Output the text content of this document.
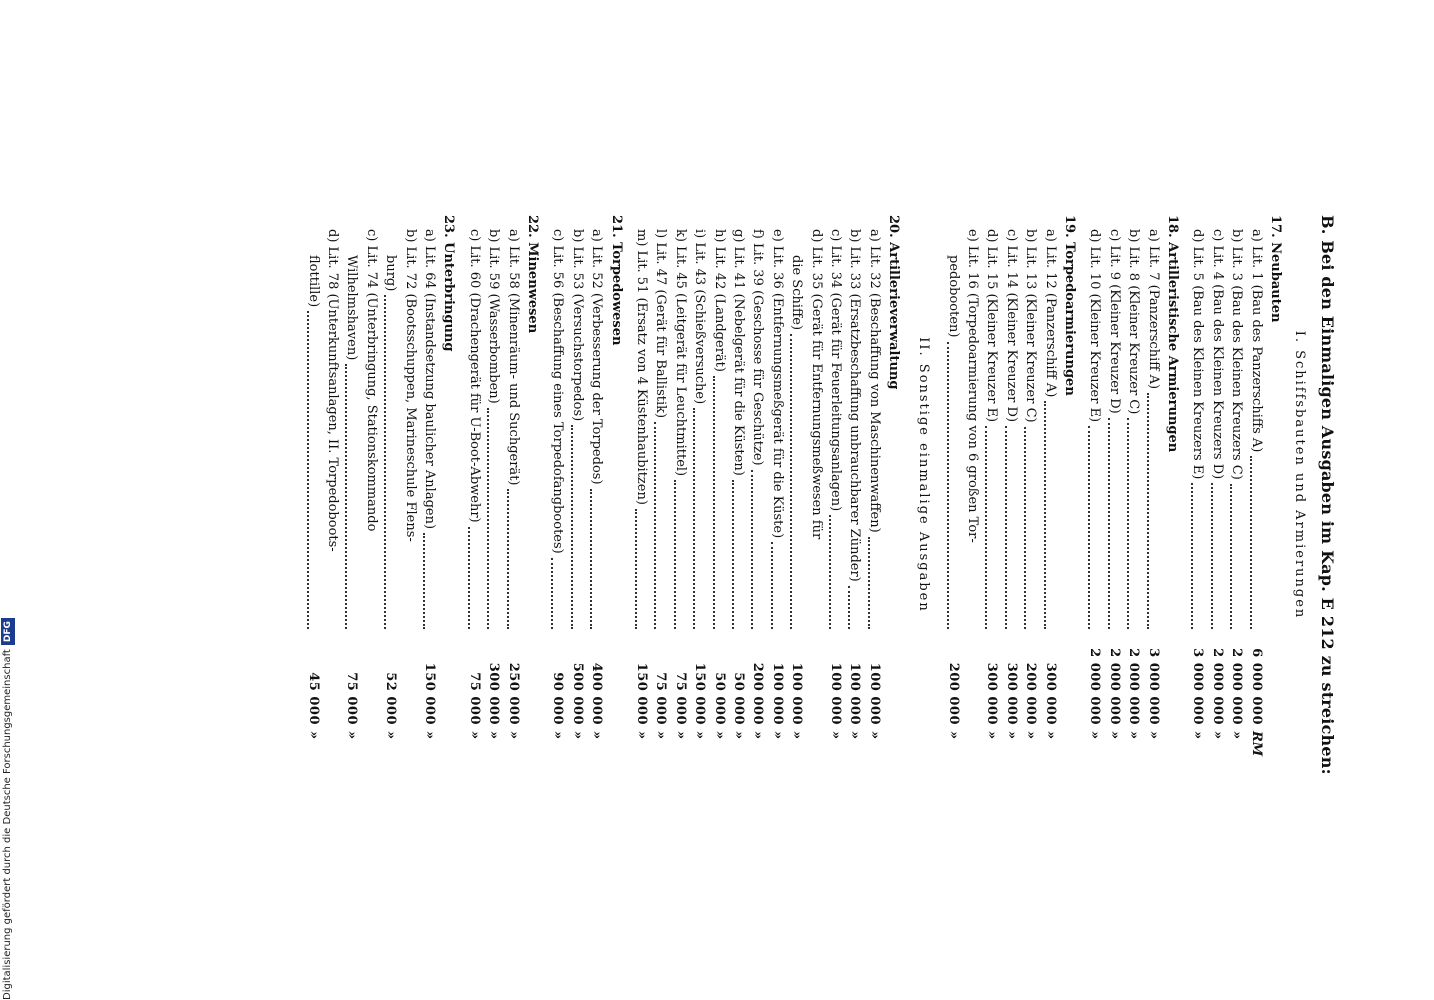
B. Bei den Einmaligen Ausgaben im Kap. E 212 zu streichen:
I. Schiffsbauten und Armierungen
II. Sonstige einmalige Ausgaben
17. Neubauten
a) Lit. 1 (Bau des Panzerschiffs A)
6 000 000
RM
b) Lit. 3 (Bau des Kleinen Kreuzers C)
2 000 000
»
c) Lit. 4 (Bau des Kleinen Kreuzers D)
2 000 000
»
d) Lit. 5 (Bau des Kleinen Kreuzers E)
3 000 000
»
18. Artilleristische Armierungen
a) Lit. 7 (Panzerschiff A)
3 000 000
»
b) Lit. 8 (Kleiner Kreuzer C)
2 000 000
»
c) Lit. 9 (Kleiner Kreuzer D)
2 000 000
»
d) Lit. 10 (Kleiner Kreuzer E)
2 000 000
»
19. Torpedoarmierungen
a) Lit. 12 (Panzerschiff A)
300 000
»
b) Lit. 13 (Kleiner Kreuzer C)
200 000
»
c) Lit. 14 (Kleiner Kreuzer D)
300 000
»
d) Lit. 15 (Kleiner Kreuzer E)
300 000
»
e) Lit. 16 (Torpedoarmierung von 6 großen Tor-
pedobooten)
200 000
»
20. Artillerieverwaltung
a) Lit. 32 (Beschaffung von Maschinenwaffen)
100 000
»
b) Lit. 33 (Ersatzbeschaffung unbrauchbarer Zünder)
100 000
»
c) Lit. 34 (Gerät für Feuerleitungsanlagen)
100 000
»
d) Lit. 35 (Gerät für Entfernungsmeßwesen für
die Schiffe)
100 000
»
e) Lit. 36 (Entfernungsmeßgerät für die Küste)
100 000
»
f) Lit. 39 (Geschosse für Geschütze)
200 000
»
g) Lit. 41 (Nebelgerät für die Küsten)
50 000
»
h) Lit. 42 (Landgerät)
50 000
»
i) Lit. 43 (Schießversuche)
150 000
»
k) Lit. 45 (Leitgerät für Leuchtmittel)
75 000
»
l) Lit. 47 (Gerät für Ballistik)
75 000
»
m) Lit. 51 (Ersatz von 4 Küstenhaubitzen)
150 000
»
21. Torpedowesen
a) Lit. 52 (Verbesserung der Torpedos)
400 000
»
b) Lit. 53 (Versuchstorpedos)
500 000
»
c) Lit. 56 (Beschaffung eines Torpedofangbootes)
90 000
»
22. Minenwesen
a) Lit. 58 (Minenräum- und Suchgerät)
250 000
»
b) Lit. 59 (Wasserbomben)
300 000
»
c) Lit. 60 (Drachengerät für U-Boot-Abwehr)
75 000
»
23. Unterbringung
a) Lit. 64 (Instandsetzung baulicher Anlagen)
150 000
»
b) Lit. 72 (Bootsschuppen, Marineschule Flens-
burg)
52 000
»
c) Lit. 74 (Unterbringung, Stationskommando
Wilhelmshaven)
75 000
»
d) Lit. 78 (Unterkunftsanlagen, II. Torpedoboots-
flottille)
45 000
»
Digitalisierung gefördert durch die Deutsche ForschungsgemeinschaftDFG
